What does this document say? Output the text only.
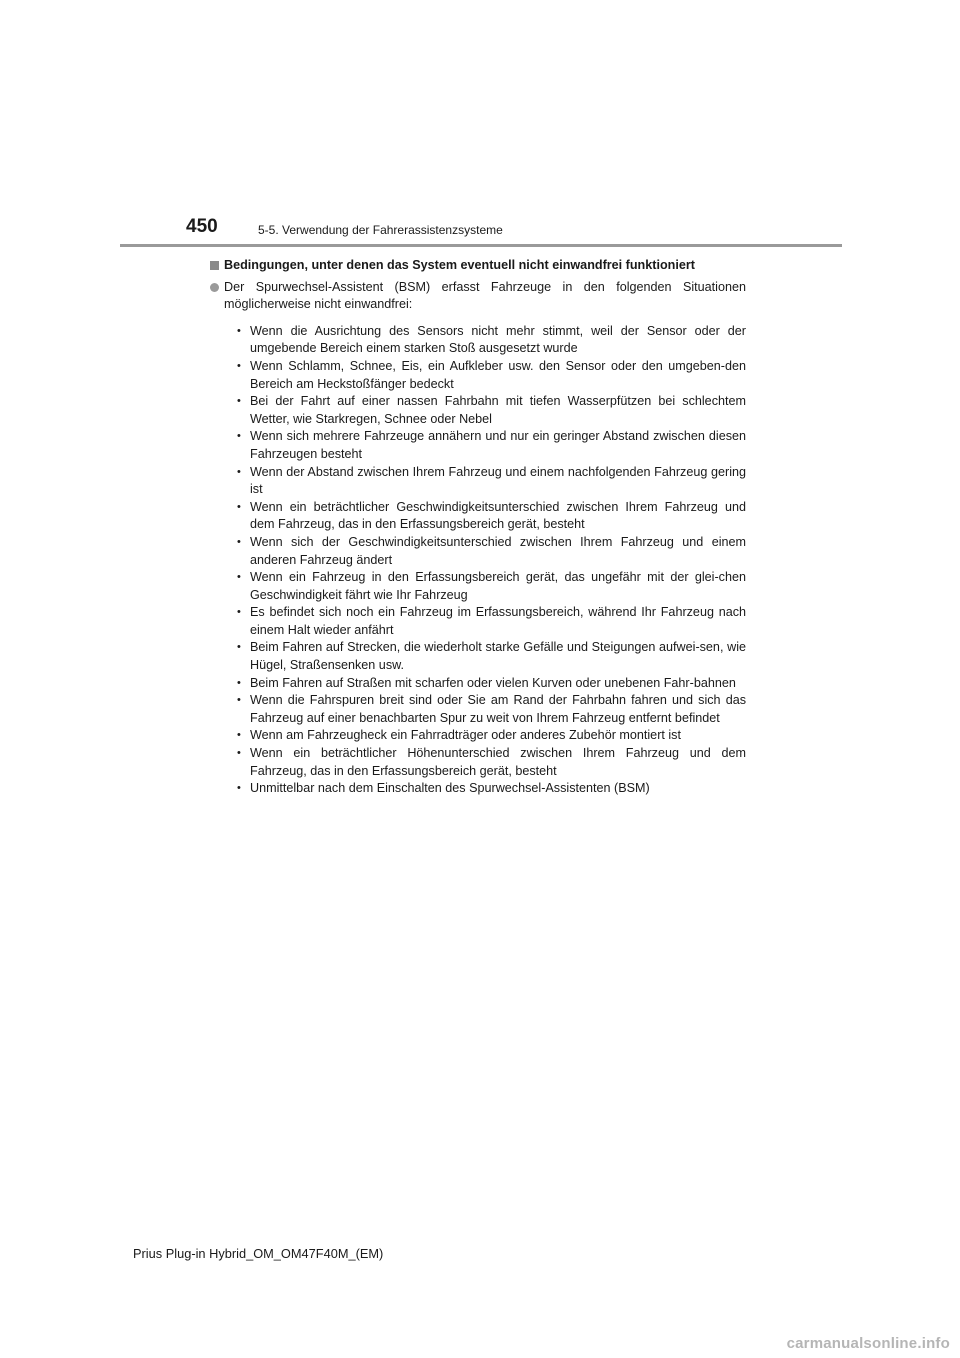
450	5-5. Verwendung der Fahrerassistenzsysteme
Bedingungen, unter denen das System eventuell nicht einwandfrei funktioniert
Der Spurwechsel-Assistent (BSM) erfasst Fahrzeuge in den folgenden Situationen möglicherweise nicht einwandfrei:
• Wenn die Ausrichtung des Sensors nicht mehr stimmt, weil der Sensor oder der umgebende Bereich einem starken Stoß ausgesetzt wurde
• Wenn Schlamm, Schnee, Eis, ein Aufkleber usw. den Sensor oder den umgeben-den Bereich am Heckstoßfänger bedeckt
• Bei der Fahrt auf einer nassen Fahrbahn mit tiefen Wasserpfützen bei schlechtem Wetter, wie Starkregen, Schnee oder Nebel
• Wenn sich mehrere Fahrzeuge annähern und nur ein geringer Abstand zwischen diesen Fahrzeugen besteht
• Wenn der Abstand zwischen Ihrem Fahrzeug und einem nachfolgenden Fahrzeug gering ist
• Wenn ein beträchtlicher Geschwindigkeitsunterschied zwischen Ihrem Fahrzeug und dem Fahrzeug, das in den Erfassungsbereich gerät, besteht
• Wenn sich der Geschwindigkeitsunterschied zwischen Ihrem Fahrzeug und einem anderen Fahrzeug ändert
• Wenn ein Fahrzeug in den Erfassungsbereich gerät, das ungefähr mit der glei-chen Geschwindigkeit fährt wie Ihr Fahrzeug
• Es befindet sich noch ein Fahrzeug im Erfassungsbereich, während Ihr Fahrzeug nach einem Halt wieder anfährt
• Beim Fahren auf Strecken, die wiederholt starke Gefälle und Steigungen aufwei-sen, wie Hügel, Straßensenken usw.
• Beim Fahren auf Straßen mit scharfen oder vielen Kurven oder unebenen Fahr-bahnen
• Wenn die Fahrspuren breit sind oder Sie am Rand der Fahrbahn fahren und sich das Fahrzeug auf einer benachbarten Spur zu weit von Ihrem Fahrzeug entfernt befindet
• Wenn am Fahrzeugheck ein Fahrradträger oder anderes Zubehör montiert ist
• Wenn ein beträchtlicher Höhenunterschied zwischen Ihrem Fahrzeug und dem Fahrzeug, das in den Erfassungsbereich gerät, besteht
• Unmittelbar nach dem Einschalten des Spurwechsel-Assistenten (BSM)
Prius Plug-in Hybrid_OM_OM47F40M_(EM)
carmanualsonline.info
